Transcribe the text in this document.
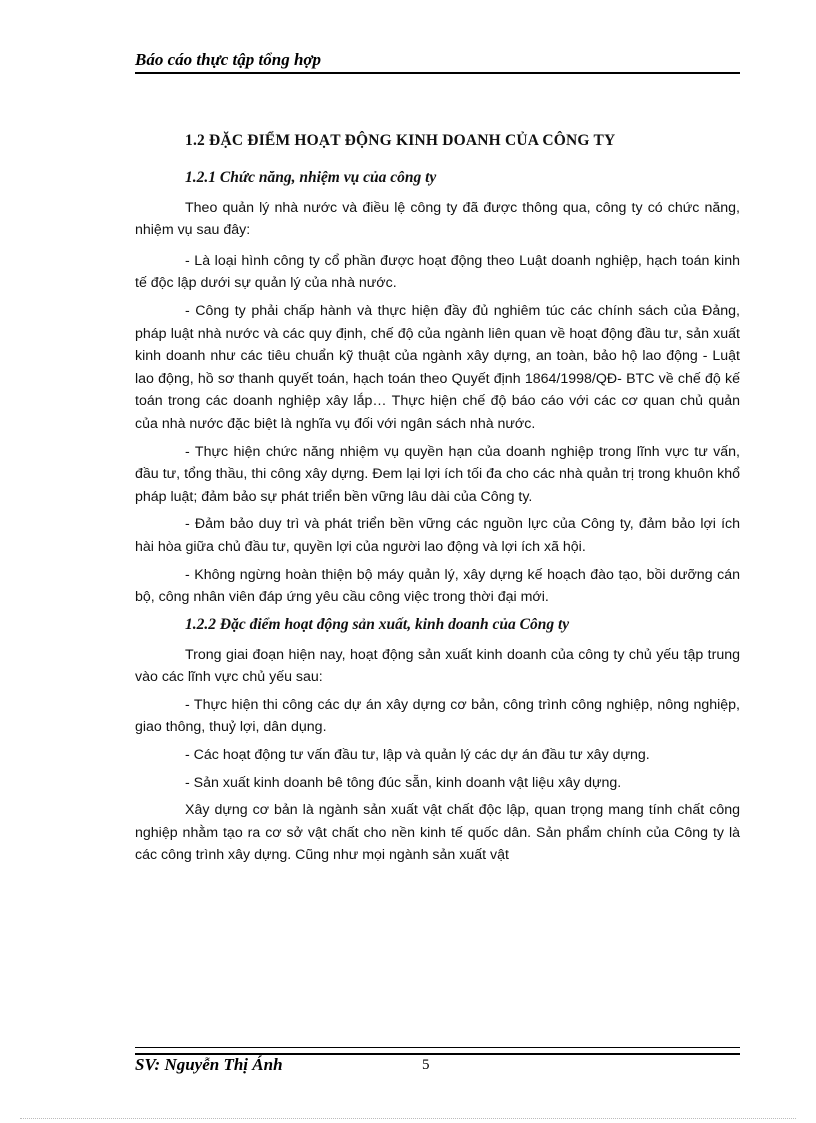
Báo cáo thực tập tổng hợp
1.2 ĐẶC ĐIỂM HOẠT ĐỘNG KINH DOANH CỦA CÔNG TY
1.2.1 Chức năng, nhiệm vụ của công ty

Theo quản lý nhà nước và điều lệ công ty đã được thông qua, công ty có chức năng, nhiệm vụ sau đây:

- Là loại hình công ty cổ phần được hoạt động theo Luật doanh nghiệp, hạch toán kinh tế độc lập dưới sự quản lý của nhà nước.

- Công ty phải chấp hành và thực hiện đầy đủ nghiêm túc các chính sách của Đảng, pháp luật nhà nước và các quy định, chế độ của ngành liên quan về hoạt động đầu tư, sản xuất kinh doanh như các tiêu chuẩn kỹ thuật của ngành xây dựng, an toàn, bảo hộ lao động - Luật lao động, hồ sơ thanh quyết toán, hạch toán theo Quyết định 1864/1998/QĐ- BTC về chế độ kế toán trong các doanh nghiệp xây lắp… Thực hiện chế độ báo cáo với các cơ quan chủ quản của nhà nước đặc biệt là nghĩa vụ đối với ngân sách nhà nước.

- Thực hiện chức năng nhiệm vụ quyền hạn của doanh nghiệp trong lĩnh vực tư vấn, đầu tư, tổng thầu, thi công xây dựng. Đem lại lợi ích tối đa cho các nhà quản trị trong khuôn khổ pháp luật; đảm bảo sự phát triển bền vững lâu dài của Công ty.

- Đảm bảo duy trì và phát triển bền vững các nguồn lực của Công ty, đảm bảo lợi ích hài hòa giữa chủ đầu tư, quyền lợi của người lao động và lợi ích xã hội.

- Không ngừng hoàn thiện bộ máy quản lý, xây dựng kế hoạch đào tạo, bồi dưỡng cán bộ, công nhân viên đáp ứng yêu cầu công việc trong thời đại mới.

1.2.2 Đặc điểm hoạt động sản xuất, kinh doanh của Công ty

Trong giai đoạn hiện nay, hoạt động sản xuất kinh doanh của công ty chủ yếu tập trung vào các lĩnh vực chủ yếu sau:

- Thực hiện thi công các dự án xây dựng cơ bản, công trình công nghiệp, nông nghiệp, giao thông, thuỷ lợi, dân dụng.

- Các hoạt động tư vấn đầu tư, lập và quản lý các dự án đầu tư xây dựng.

- Sản xuất kinh doanh bê tông đúc sẵn, kinh doanh vật liệu xây dựng.

Xây dựng cơ bản là ngành sản xuất vật chất độc lập, quan trọng mang tính chất công nghiệp nhằm tạo ra cơ sở vật chất cho nền kinh tế quốc dân. Sản phẩm chính của Công ty là các công trình xây dựng. Cũng như mọi ngành sản xuất vật

SV: Nguyễn Thị Ánh	5
